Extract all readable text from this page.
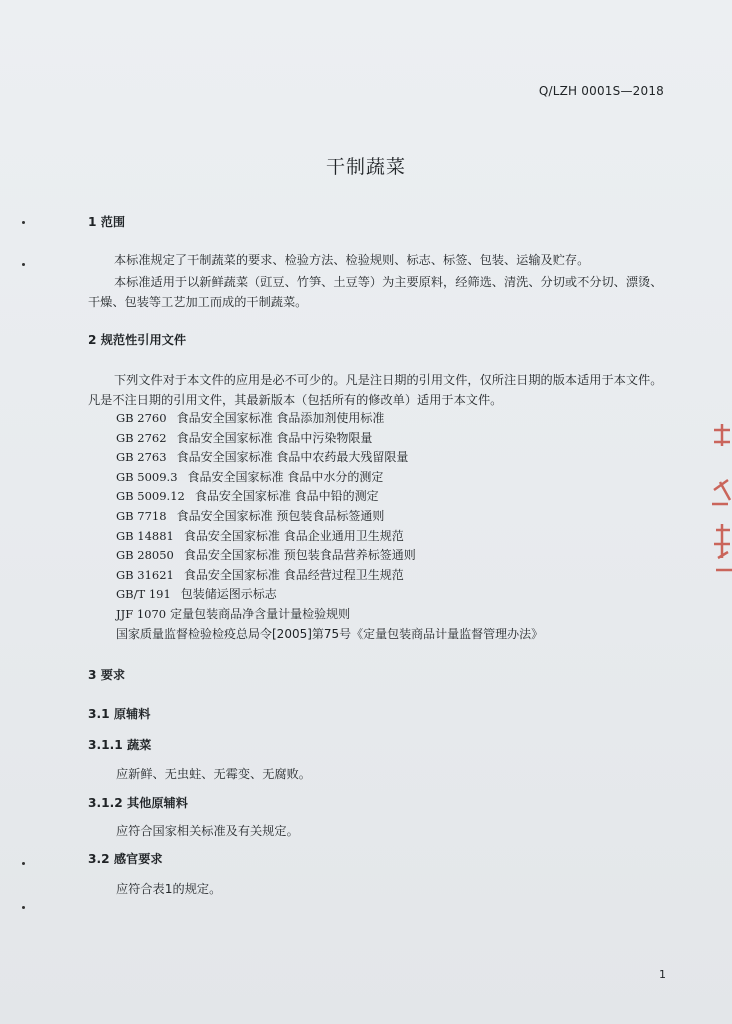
Q/LZH 0001S—2018
干制蔬菜
1 范围
本标准规定了干制蔬菜的要求、检验方法、检验规则、标志、标签、包装、运输及贮存。
本标准适用于以新鲜蔬菜（豇豆、竹笋、土豆等）为主要原料，经筛选、清洗、分切或不分切、漂烫、干燥、包装等工艺加工而成的干制蔬菜。
2 规范性引用文件
下列文件对于本文件的应用是必不可少的。凡是注日期的引用文件，仅所注日期的版本适用于本文件。凡是不注日期的引用文件，其最新版本（包括所有的修改单）适用于本文件。
GB 2760 食品安全国家标准 食品添加剂使用标准
GB 2762 食品安全国家标准 食品中污染物限量
GB 2763 食品安全国家标准 食品中农药最大残留限量
GB 5009.3 食品安全国家标准 食品中水分的测定
GB 5009.12 食品安全国家标准 食品中铅的测定
GB 7718 食品安全国家标准 预包装食品标签通则
GB 14881 食品安全国家标准 食品企业通用卫生规范
GB 28050 食品安全国家标准 预包装食品营养标签通则
GB 31621 食品安全国家标准 食品经营过程卫生规范
GB/T 191 包装储运图示标志
JJF 1070 定量包装商品净含量计量检验规则
国家质量监督检验检疫总局令[2005]第75号《定量包装商品计量监督管理办法》
3 要求
3.1 原辅料
3.1.1 蔬菜
应新鲜、无虫蛀、无霉变、无腐败。
3.1.2 其他原辅料
应符合国家相关标准及有关规定。
3.2 感官要求
应符合表1的规定。
1
